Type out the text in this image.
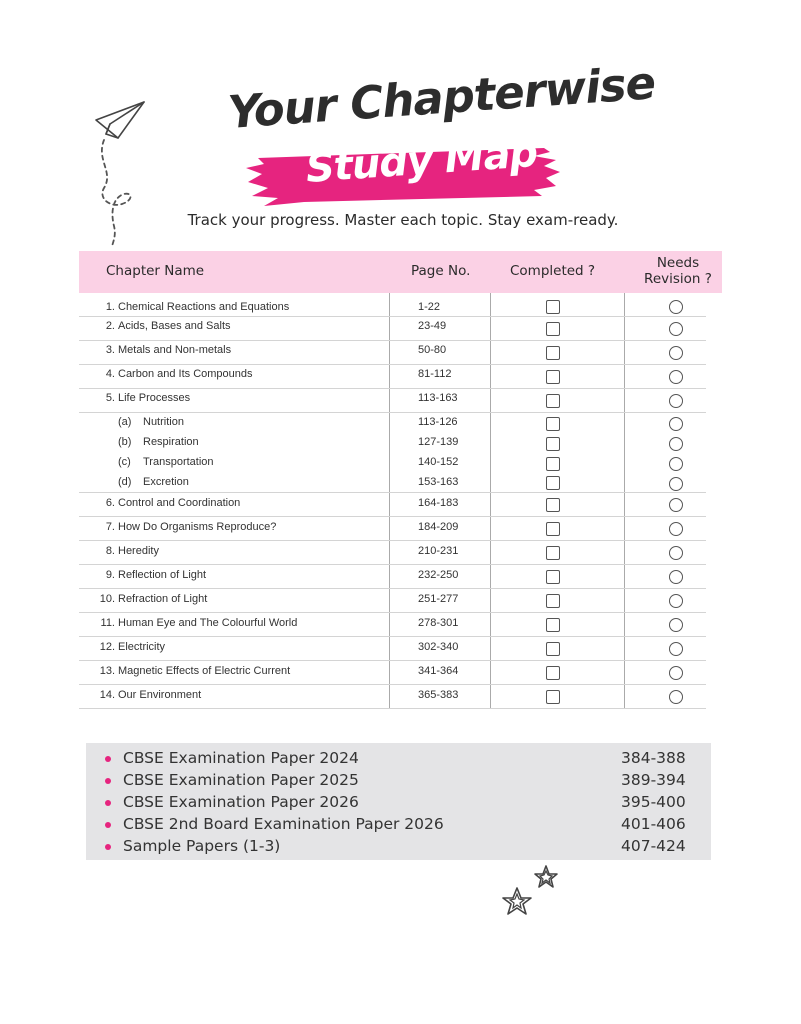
Your Chapterwise
Study Map
Track your progress. Master each topic. Stay exam-ready.
Chapter Name	Page No.	Completed ?	Needs
Revision ?
1. Chemical Reactions and Equations	1-22
2. Acids, Bases and Salts	23-49
3. Metals and Non-metals	50-80
4. Carbon and Its Compounds	81-112
5. Life Processes	113-163
(a)	Nutrition	113-126
(b)	Respiration	127-139
(c)	Transportation	140-152
(d)	Excretion	153-163
6. Control and Coordination	164-183
7. How Do Organisms Reproduce?	184-209
8. Heredity	210-231
9. Reflection of Light	232-250
10. Refraction of Light	251-277
11. Human Eye and The Colourful World	278-301
12. Electricity	302-340
13. Magnetic Effects of Electric Current	341-364
14. Our Environment	365-383
CBSE Examination Paper 2024	384-388
CBSE Examination Paper 2025	389-394
CBSE Examination Paper 2026	395-400
CBSE 2nd Board Examination Paper 2026	401-406
Sample Papers (1-3)	407-424
